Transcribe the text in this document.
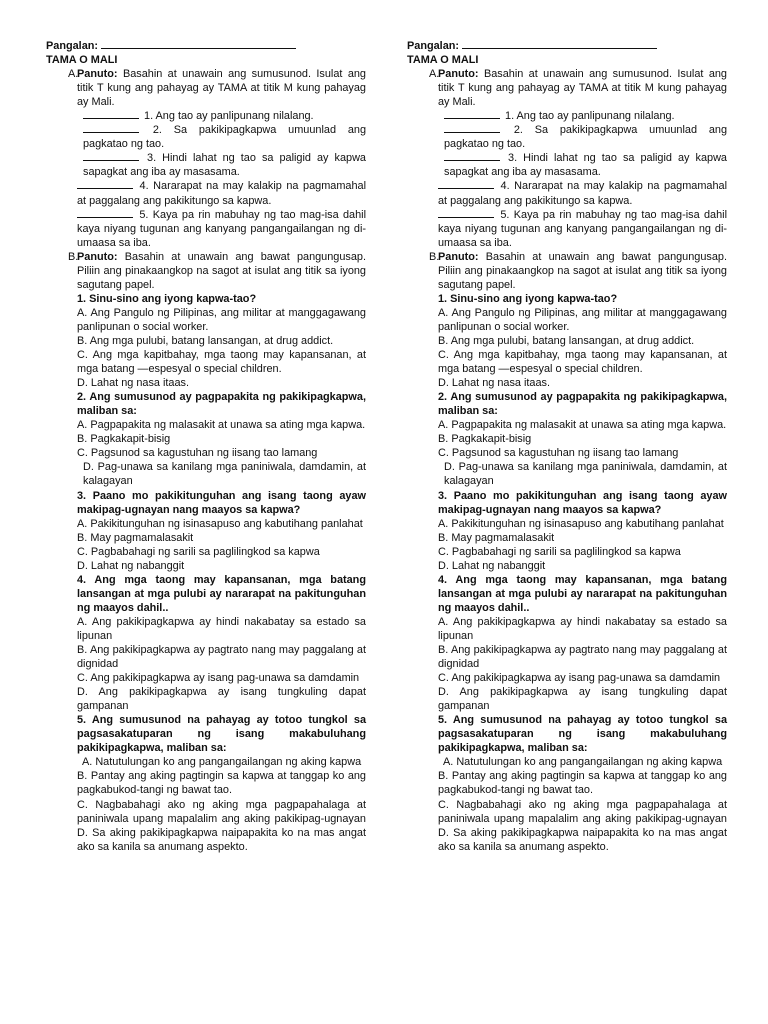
Pangalan:
TAMA O MALI
A.
Panuto: Basahin at unawain ang sumusunod. Isulat ang titik T kung ang pahayag ay TAMA at titik M kung pahayag ay Mali.
1. Ang tao ay panlipunang nilalang.
2. Sa pakikipagkapwa umuunlad ang pagkatao ng tao.
3. Hindi lahat ng tao sa paligid ay kapwa sapagkat ang iba ay masasama.
4. Nararapat na may kalakip na pagmamahal at paggalang ang pakikitungo sa kapwa.
5. Kaya pa rin mabuhay ng tao mag-isa dahil kaya niyang tugunan ang kanyang pangangailangan ng di-umaasa sa iba.
B.
Panuto: Basahin at unawain ang bawat pangungusap. Piliin ang pinakaangkop na sagot at isulat ang titik sa iyong sagutang papel.
1. Sinu-sino ang iyong kapwa-tao?
A. Ang Pangulo ng Pilipinas, ang militar at manggagawang panlipunan o social worker.
B. Ang mga pulubi, batang lansangan, at drug addict.
C. Ang mga kapitbahay, mga taong may kapansanan, at mga batang —espesyal o special children.
D. Lahat ng nasa itaas.
2. Ang sumusunod ay pagpapakita ng pakikipagkapwa, maliban sa:
A. Pagpapakita ng malasakit at unawa sa ating mga kapwa.
B. Pagkakapit-bisig
C. Pagsunod sa kagustuhan ng iisang tao lamang
D. Pag-unawa sa kanilang mga paniniwala, damdamin, at kalagayan
3. Paano mo pakikitunguhan ang isang taong ayaw makipag-ugnayan nang maayos sa kapwa?
A. Pakikitunguhan ng isinasapuso ang kabutihang panlahat
B. May pagmamalasakit
C. Pagbabahagi ng sarili sa paglilingkod sa kapwa
D. Lahat ng nabanggit
4. Ang mga taong may kapansanan, mga batang lansangan at mga pulubi ay nararapat na pakitunguhan ng maayos dahil..
A. Ang pakikipagkapwa ay hindi nakabatay sa estado sa lipunan
B. Ang pakikipagkapwa ay pagtrato nang may paggalang at dignidad
C. Ang pakikipagkapwa ay isang pag-unawa sa damdamin
D. Ang pakikipagkapwa ay isang tungkuling dapat gampanan
5. Ang sumusunod na pahayag ay totoo tungkol sa pagsasakatuparan ng isang makabuluhang pakikipagkapwa, maliban sa:
A. Natutulungan ko ang pangangailangan ng aking kapwa
B. Pantay ang aking pagtingin sa kapwa at tanggap ko ang pagkabukod-tangi ng bawat tao.
C. Nagbabahagi ako ng aking mga pagpapahalaga at paniniwala upang mapalalim ang aking pakikipag-ugnayan D. Sa aking pakikipagkapwa naipapakita ko na mas angat ako sa kanila sa anumang aspekto.
Pangalan:
TAMA O MALI
A.
Panuto: Basahin at unawain ang sumusunod. Isulat ang titik T kung ang pahayag ay TAMA at titik M kung pahayag ay Mali.
1. Ang tao ay panlipunang nilalang.
2. Sa pakikipagkapwa umuunlad ang pagkatao ng tao.
3. Hindi lahat ng tao sa paligid ay kapwa sapagkat ang iba ay masasama.
4. Nararapat na may kalakip na pagmamahal at paggalang ang pakikitungo sa kapwa.
5. Kaya pa rin mabuhay ng tao mag-isa dahil kaya niyang tugunan ang kanyang pangangailangan ng di-umaasa sa iba.
B.
Panuto: Basahin at unawain ang bawat pangungusap. Piliin ang pinakaangkop na sagot at isulat ang titik sa iyong sagutang papel.
1. Sinu-sino ang iyong kapwa-tao?
A. Ang Pangulo ng Pilipinas, ang militar at manggagawang panlipunan o social worker.
B. Ang mga pulubi, batang lansangan, at drug addict.
C. Ang mga kapitbahay, mga taong may kapansanan, at mga batang —espesyal o special children.
D. Lahat ng nasa itaas.
2. Ang sumusunod ay pagpapakita ng pakikipagkapwa, maliban sa:
A. Pagpapakita ng malasakit at unawa sa ating mga kapwa.
B. Pagkakapit-bisig
C. Pagsunod sa kagustuhan ng iisang tao lamang
D. Pag-unawa sa kanilang mga paniniwala, damdamin, at kalagayan
3. Paano mo pakikitunguhan ang isang taong ayaw makipag-ugnayan nang maayos sa kapwa?
A. Pakikitunguhan ng isinasapuso ang kabutihang panlahat
B. May pagmamalasakit
C. Pagbabahagi ng sarili sa paglilingkod sa kapwa
D. Lahat ng nabanggit
4. Ang mga taong may kapansanan, mga batang lansangan at mga pulubi ay nararapat na pakitunguhan ng maayos dahil..
A. Ang pakikipagkapwa ay hindi nakabatay sa estado sa lipunan
B. Ang pakikipagkapwa ay pagtrato nang may paggalang at dignidad
C. Ang pakikipagkapwa ay isang pag-unawa sa damdamin
D. Ang pakikipagkapwa ay isang tungkuling dapat gampanan
5. Ang sumusunod na pahayag ay totoo tungkol sa pagsasakatuparan ng isang makabuluhang pakikipagkapwa, maliban sa:
A. Natutulungan ko ang pangangailangan ng aking kapwa
B. Pantay ang aking pagtingin sa kapwa at tanggap ko ang pagkabukod-tangi ng bawat tao.
C. Nagbabahagi ako ng aking mga pagpapahalaga at paniniwala upang mapalalim ang aking pakikipag-ugnayan D. Sa aking pakikipagkapwa naipapakita ko na mas angat ako sa kanila sa anumang aspekto.
